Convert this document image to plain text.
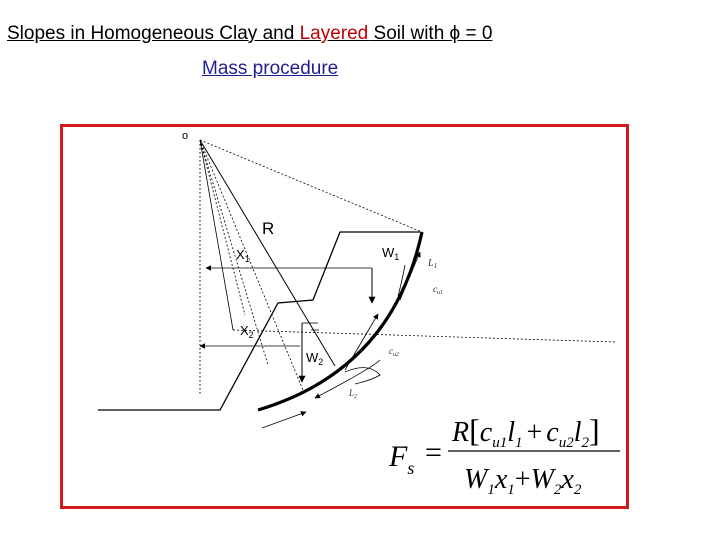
Slopes in Homogeneous Clay and Layered Soil with ϕ = 0
Mass procedure
o
R
$X_1$	$W_1$
$X_2$
$W_2$
$L_1$
$c_{u1}$
$c_{u2}$
$L_2$
$F_s$ =
$R[c_{u1}l_1 + c_{u2}l_2]$
$W_1x_1+W_2x_2$
